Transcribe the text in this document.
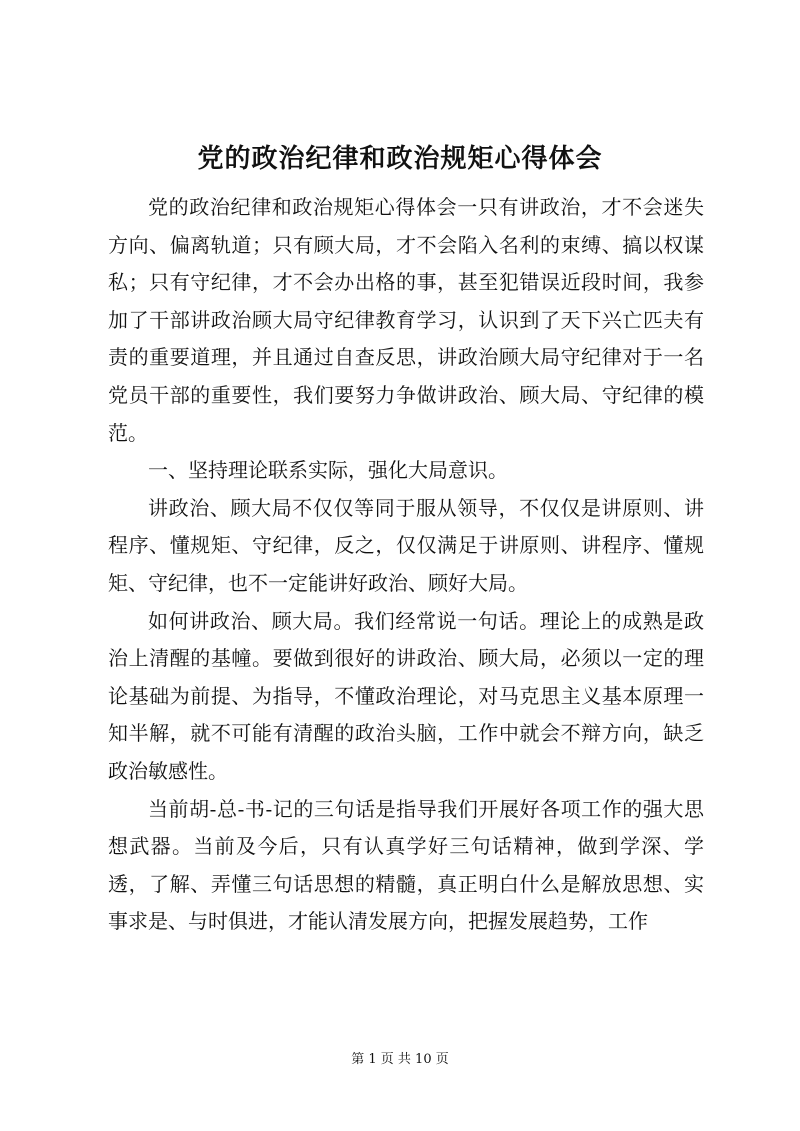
党的政治纪律和政治规矩心得体会

党的政治纪律和政治规矩心得体会一只有讲政治，才不会迷失方向、偏离轨道；只有顾大局，才不会陷入名利的束缚、搞以权谋私；只有守纪律，才不会办出格的事，甚至犯错误近段时间，我参加了干部讲政治顾大局守纪律教育学习，认识到了天下兴亡匹夫有责的重要道理，并且通过自查反思，讲政治顾大局守纪律对于一名党员干部的重要性，我们要努力争做讲政治、顾大局、守纪律的模范。

一、坚持理论联系实际，强化大局意识。

讲政治、顾大局不仅仅等同于服从领导，不仅仅是讲原则、讲程序、懂规矩、守纪律，反之，仅仅满足于讲原则、讲程序、懂规矩、守纪律，也不一定能讲好政治、顾好大局。

如何讲政治、顾大局。我们经常说一句话。理论上的成熟是政治上清醒的基幢。要做到很好的讲政治、顾大局，必须以一定的理论基础为前提、为指导，不懂政治理论，对马克思主义基本原理一知半解，就不可能有清醒的政治头脑，工作中就会不辩方向，缺乏政治敏感性。

当前胡-总-书-记的三句话是指导我们开展好各项工作的强大思想武器。当前及今后，只有认真学好三句话精神，做到学深、学透，了解、弄懂三句话思想的精髓，真正明白什么是解放思想、实事求是、与时俱进，才能认清发展方向，把握发展趋势，工作

第 1 页 共 10 页
